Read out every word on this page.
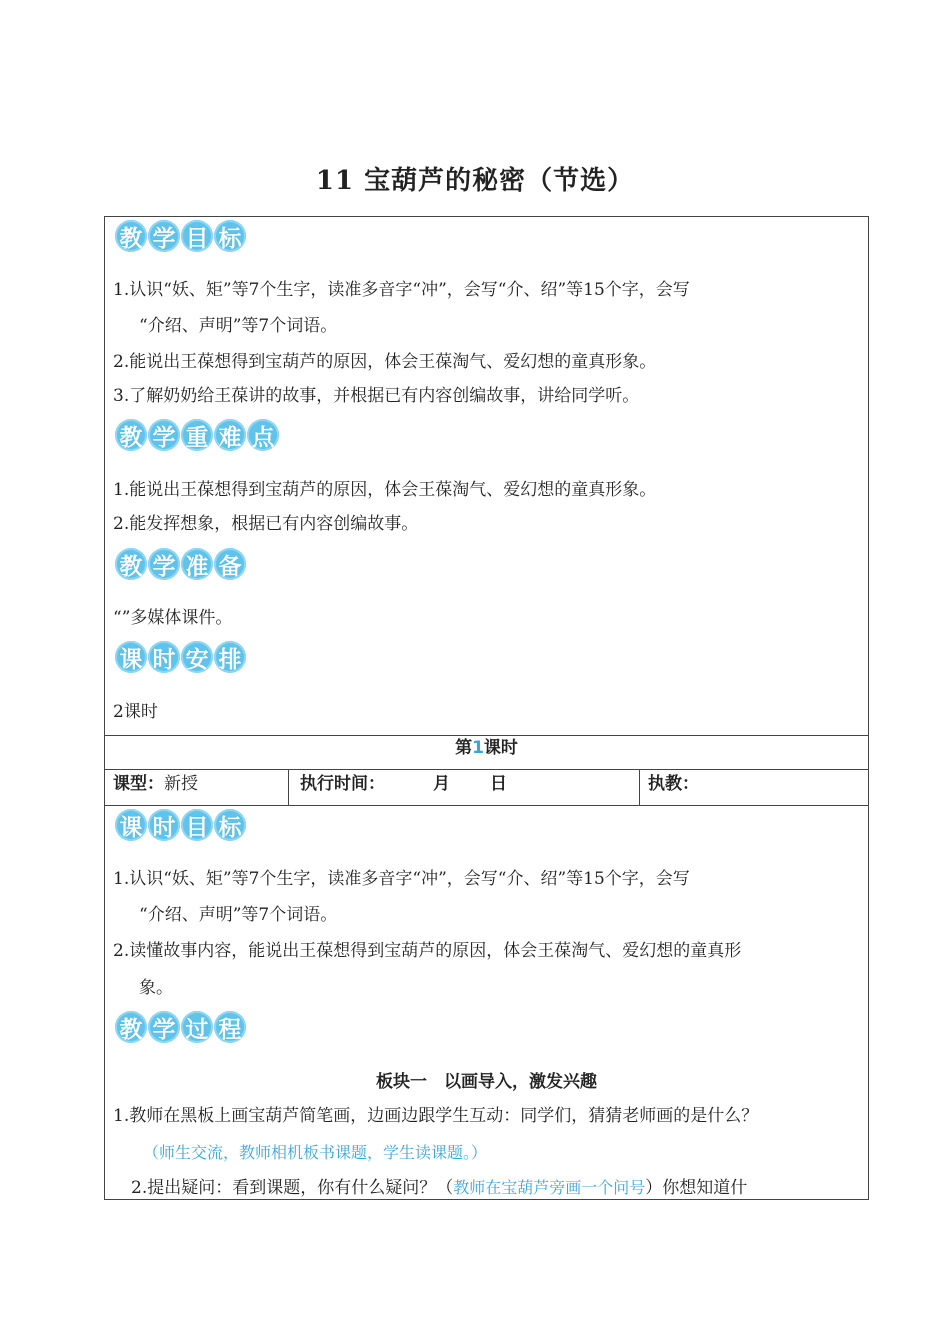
11 宝葫芦的秘密（节选）
教 学 目 标
1.认识“妖、矩”等7个生字，读准多音字“冲”，会写“介、绍”等15个字，会写
“介绍、声明”等7个词语。
2.能说出王葆想得到宝葫芦的原因，体会王葆淘气、爱幻想的童真形象。
3.了解奶奶给王葆讲的故事，并根据已有内容创编故事，讲给同学听。
教 学 重 难 点
1.能说出王葆想得到宝葫芦的原因，体会王葆淘气、爱幻想的童真形象。
2.能发挥想象，根据已有内容创编故事。
教 学 准 备
“”多媒体课件。
课 时 安 排
2课时
第1课时
课型：新授	执行时间：	月 日	执教：
课 时 目 标
1.认识“妖、矩”等7个生字，读准多音字“冲”，会写“介、绍”等15个字，会写
“介绍、声明”等7个词语。
2.读懂故事内容，能说出王葆想得到宝葫芦的原因，体会王葆淘气、爱幻想的童真形
象。
教 学 过 程
板块一　以画导入，激发兴趣
1.教师在黑板上画宝葫芦简笔画，边画边跟学生互动：同学们，猜猜老师画的是什么？
（师生交流，教师相机板书课题，学生读课题。）
2.提出疑问：看到课题，你有什么疑问？（教师在宝葫芦旁画一个问号）你想知道什
